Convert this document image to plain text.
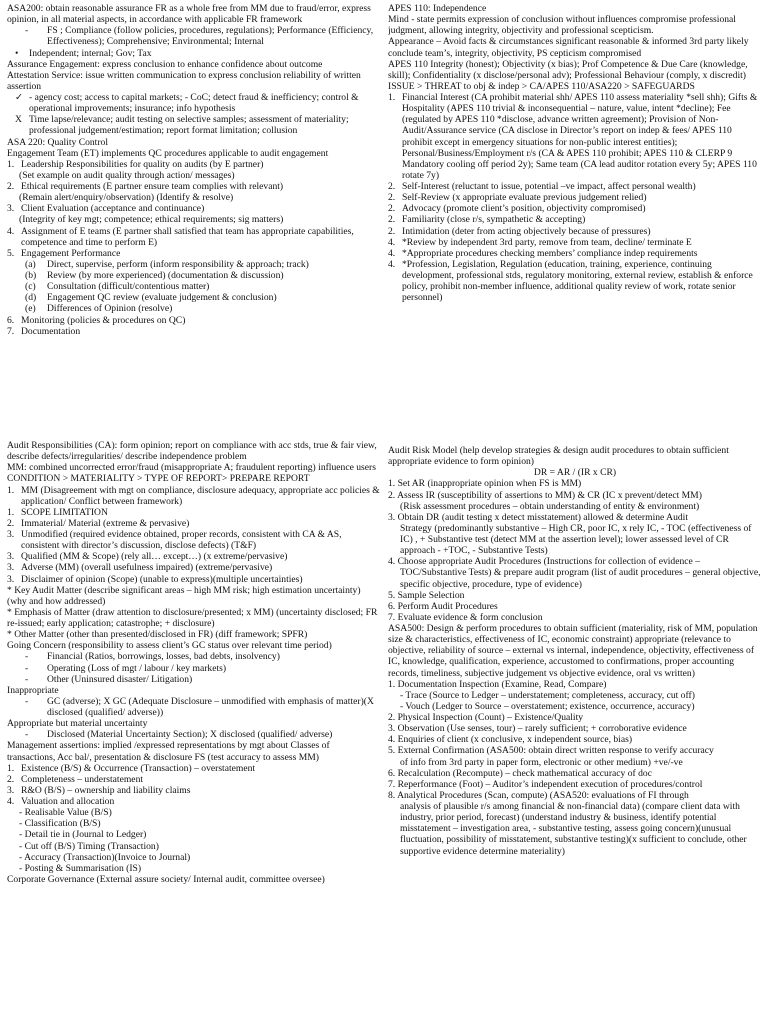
ASA200: obtain reasonable assurance FR as a whole free from MM due to fraud/error, express opinion, in all material aspects, in accordance with applicable FR framework
-	FS ; Compliance (follow policies, procedures, regulations); Performance (Efficiency, Effectiveness); Comprehensive; Environmental; Internal
•	Independent; internal; Gov; Tax
Assurance Engagement: express conclusion to enhance confidence about outcome
Attestation Service: issue written communication to express conclusion reliability of written assertion
✓ - agency cost; access to capital markets; - CoC; detect fraud & inefficiency; control & operational improvements; insurance; info hypothesis
X Time lapse/relevance; audit testing on selective samples; assessment of materiality; professional judgement/estimation; report format limitation; collusion
ASA 220: Quality Control
Engagement Team (ET) implements QC procedures applicable to audit engagement
1. Leadership Responsibilities for quality on audits (by E partner)
(Set example on audit quality through action/ messages)
2. Ethical requirements (E partner ensure team complies with relevant)
(Remain alert/enquiry/observation) (Identify & resolve)
3. Client Evaluation (acceptance and continuance)
(Integrity of key mgt; competence; ethical requirements; sig matters)
4. Assignment of E teams (E partner shall satisfied that team has appropriate capabilities, competence and time to perform E)
5. Engagement Performance
(a)	Direct, supervise, perform (inform responsibility & approach; track)
(b)	Review (by more experienced) (documentation & discussion)
(c)	Consultation (difficult/contentious matter)
(d)	Engagement QC review (evaluate judgement & conclusion)
(e)	Differences of Opinion (resolve)
6. Monitoring (policies & procedures on QC)
7. Documentation
APES 110: Independence
Mind - state permits expression of conclusion without influences compromise professional judgment, allowing integrity, objectivity and professional scepticism.
Appearance – Avoid facts & circumstances significant reasonable & informed 3rd party likely conclude team’s, integrity, objectivity, PS cepticism compromised
APES 110 Integrity (honest); Objectivity (x bias); Prof Competence & Due Care (knowledge, skill); Confidentiality (x disclose/personal adv); Professional Behaviour (comply, x discredit)
ISSUE > THREAT to obj & indep > CA/APES 110/ASA220 > SAFEGUARDS
1. Financial Interest (CA prohibit material shh/ APES 110 assess materiality *sell shh); Gifts & Hospitality (APES 110 trivial & inconsequential – nature, value, intent *decline); Fee (regulated by APES 110 *disclose, advance written agreement); Provision of Non-Audit/Assurance service (CA disclose in Director’s report on indep & fees/ APES 110 prohibit except in emergency situations for non-public interest entities); Personal/Business/Employment r/s (CA & APES 110 prohibit; APES 110 & CLERP 9 Mandatory cooling off period 2y); Same team (CA lead auditor rotation every 5y; APES 110 rotate 7y)
2. Self-Interest (reluctant to issue, potential –ve impact, affect personal wealth)
2. Self-Review (x appropriate evaluate previous judgement relied)
2. Advocacy (promote client’s position, objectivity compromised)
2. Familiarity (close r/s, sympathetic & accepting)
2. Intimidation (deter from acting objectively because of pressures)
4. *Review by independent 3rd party, remove from team, decline/ terminate E
4. *Appropriate procedures checking members’ compliance indep requirements
4. *Profession, Legislation, Regulation (education, training, experience, continuing development, professional stds, regulatory monitoring, external review, establish & enforce policy, prohibit non-member influence, additional quality review of work, rotate senior personnel)
Audit Responsibilities (CA): form opinion; report on compliance with acc stds, true & fair view, describe defects/irregularities/ describe independence problem
MM: combined uncorrected error/fraud (misappropriate A; fraudulent reporting) influence users
CONDITION > MATERIALITY > TYPE OF REPORT> PREPARE REPORT
1. MM (Disagreement with mgt on compliance, disclosure adequacy, appropriate acc policies & application/ Conflict between framework)
1. SCOPE LIMITATION
2. Immaterial/ Material (extreme & pervasive)
3. Unmodified (required evidence obtained, proper records, consistent with CA & AS, consistent with director’s discussion, disclose defects) (T&F)
3. Qualified (MM & Scope) (rely all… except…) (x extreme/pervasive)
3. Adverse (MM) (overall usefulness impaired) (extreme/pervasive)
3. Disclaimer of opinion (Scope) (unable to express)(multiple uncertainties)
* Key Audit Matter (describe significant areas – high MM risk; high estimation uncertainty) (why and how addressed)
* Emphasis of Matter (draw attention to disclosure/presented; x MM) (uncertainty disclosed; FR re-issued; early application; catastrophe; + disclosure)
* Other Matter (other than presented/disclosed in FR) (diff framework; SPFR)
Going Concern (responsibility to assess client’s GC status over relevant time period)
-	Financial (Ratios, borrowings, losses, bad debts, insolvency)
-	Operating (Loss of mgt / labour / key markets)
-	Other (Uninsured disaster/ Litigation)
Inappropriate
-	GC (adverse); X GC (Adequate Disclosure – unmodified with emphasis of matter)(X disclosed (qualified/ adverse))
Appropriate but material uncertainty
-	Disclosed (Material Uncertainty Section); X disclosed (qualified/ adverse)
Management assertions: implied /expressed representations by mgt about Classes of transactions, Acc bal/, presentation & disclosure FS (test accuracy to assess MM)
1. Existence (B/S) & Occurrence (Transaction) – overstatement
2. Completeness – understatement
3. R&O (B/S) – ownership and liability claims
4. Valuation and allocation
- Realisable Value (B/S)
- Classification (B/S)
- Detail tie in (Journal to Ledger)
- Cut off (B/S) Timing (Transaction)
- Accuracy (Transaction)(Invoice to Journal)
- Posting & Summarisation (IS)
Corporate Governance (External assure society/ Internal audit, committee oversee)
Audit Risk Model (help develop strategies & design audit procedures to obtain sufficient appropriate evidence to form opinion)
DR = AR / (IR x CR)
1. Set AR (inappropriate opinion when FS is MM)
2. Assess IR (susceptibility of assertions to MM) & CR (IC x prevent/detect MM)
(Risk assessment procedures – obtain understanding of entity & environment)
3. Obtain DR (audit testing x detect misstatement) allowed & determine Audit
Strategy (predominantly substantive – High CR, poor IC, x rely IC, - TOC (effectiveness of IC) , + Substantive test (detect MM at the assertion level); lower assessed level of CR approach - +TOC, - Substantive Tests)
4. Choose appropriate Audit Procedures (Instructions for collection of evidence –
TOC/Substantive Tests) & prepare audit program (list of audit procedures – general objective, specific objective, procedure, type of evidence)
5. Sample Selection
6. Perform Audit Procedures
7. Evaluate evidence & form conclusion
ASA500: Design & perform procedures to obtain sufficient (materiality, risk of MM, population size & characteristics, effectiveness of IC, economic constraint) appropriate (relevance to objective, reliability of source – external vs internal, independence, objectivity, effectiveness of IC, knowledge, qualification, experience, accustomed to confirmations, proper accounting records, timeliness, subjective judgement vs objective evidence, oral vs written)
1. Documentation Inspection (Examine, Read, Compare)
- Trace (Source to Ledger – understatement; completeness, accuracy, cut off)
- Vouch (Ledger to Source – overstatement; existence, occurrence, accuracy)
2. Physical Inspection (Count) – Existence/Quality
3. Observation (Use senses, tour) – rarely sufficient; + corroborative evidence
4. Enquiries of client (x conclusive, x independent source, bias)
5. External Confirmation (ASA500: obtain direct written response to verify accuracy
of info from 3rd party in paper form, electronic or other medium) +ve/-ve
6. Recalculation (Recompute) – check mathematical accuracy of doc
7. Reperformance (Foot) – Auditor’s independent execution of procedures/control
8. Analytical Procedures (Scan, compute) (ASA520: evaluations of FI through
analysis of plausible r/s among financial & non-financial data) (compare client data with industry, prior period, forecast) (understand industry & business, identify potential misstatement – investigation area, - substantive testing, assess going concern)(unusual fluctuation, possibility of misstatement, substantive testing)(x sufficient to conclude, other supportive evidence determine materiality)
